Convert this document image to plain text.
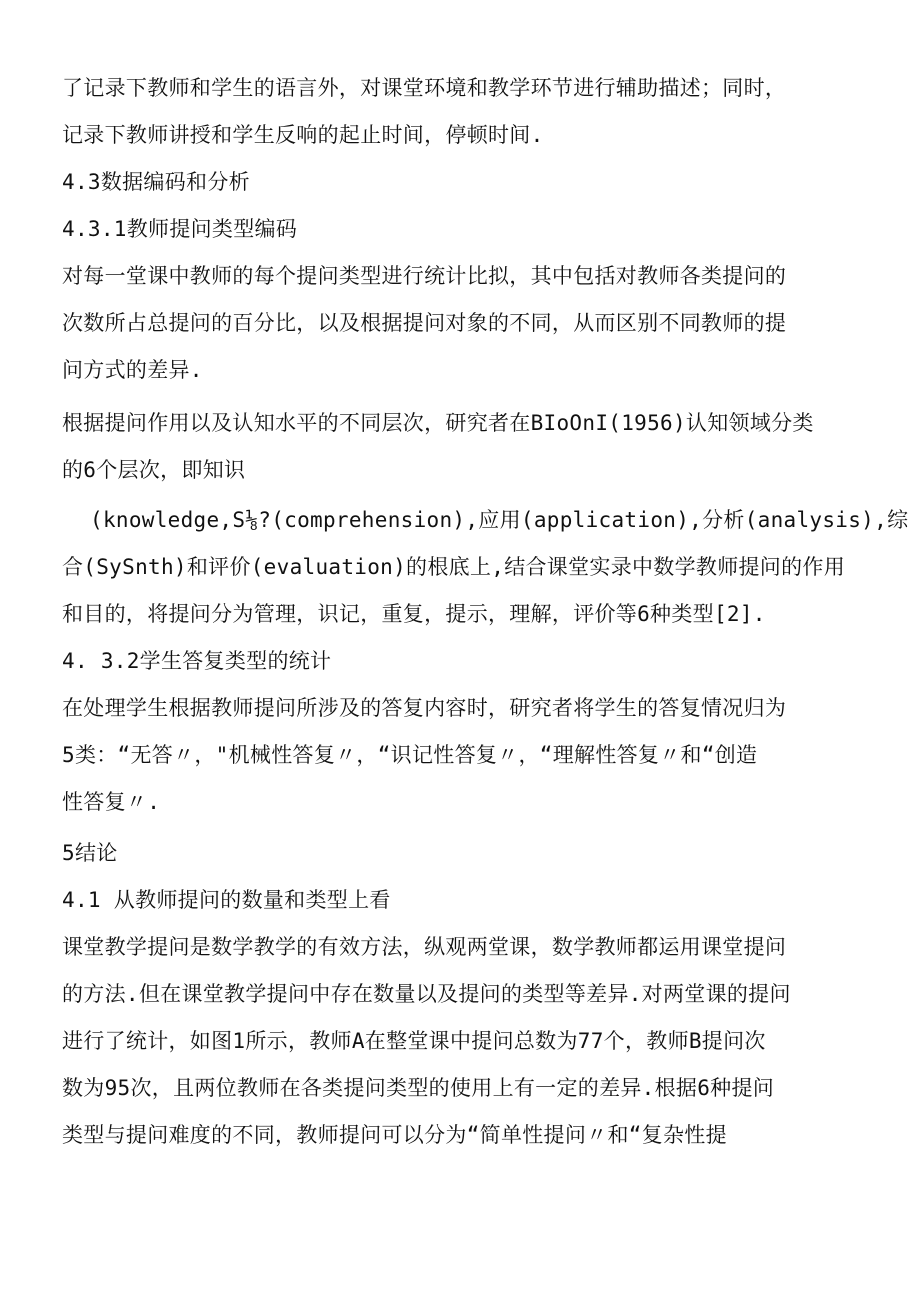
了记录下教师和学生的语言外，对课堂环境和教学环节进行辅助描述；同时，
记录下教师讲授和学生反响的起止时间，停顿时间.
4.3数据编码和分析
4.3.1教师提问类型编码
对每一堂课中教师的每个提问类型进行统计比拟，其中包括对教师各类提问的
次数所占总提问的百分比，以及根据提问对象的不同，从而区别不同教师的提
问方式的差异.
根据提问作用以及认知水平的不同层次，研究者在BIoOnI(1956)认知领域分类
的6个层次，即知识
(knowledge,S⅛?(comprehension),应用(application),分析(analysis),综
合(SySnth)和评价(evaluation)的根底上,结合课堂实录中数学教师提问的作用
和目的，将提问分为管理，识记，重复，提示，理解，评价等6种类型[2].
4. 3.2学生答复类型的统计
在处理学生根据教师提问所涉及的答复内容时，研究者将学生的答复情况归为
5类：“无答〃，"机械性答复〃，“识记性答复〃，“理解性答复〃和“创造
性答复〃.
5结论
4.1 从教师提问的数量和类型上看
课堂教学提问是数学教学的有效方法，纵观两堂课，数学教师都运用课堂提问
的方法.但在课堂教学提问中存在数量以及提问的类型等差异.对两堂课的提问
进行了统计，如图1所示，教师A在整堂课中提问总数为77个，教师B提问次
数为95次，且两位教师在各类提问类型的使用上有一定的差异.根据6种提问
类型与提问难度的不同，教师提问可以分为“简单性提问〃和“复杂性提
